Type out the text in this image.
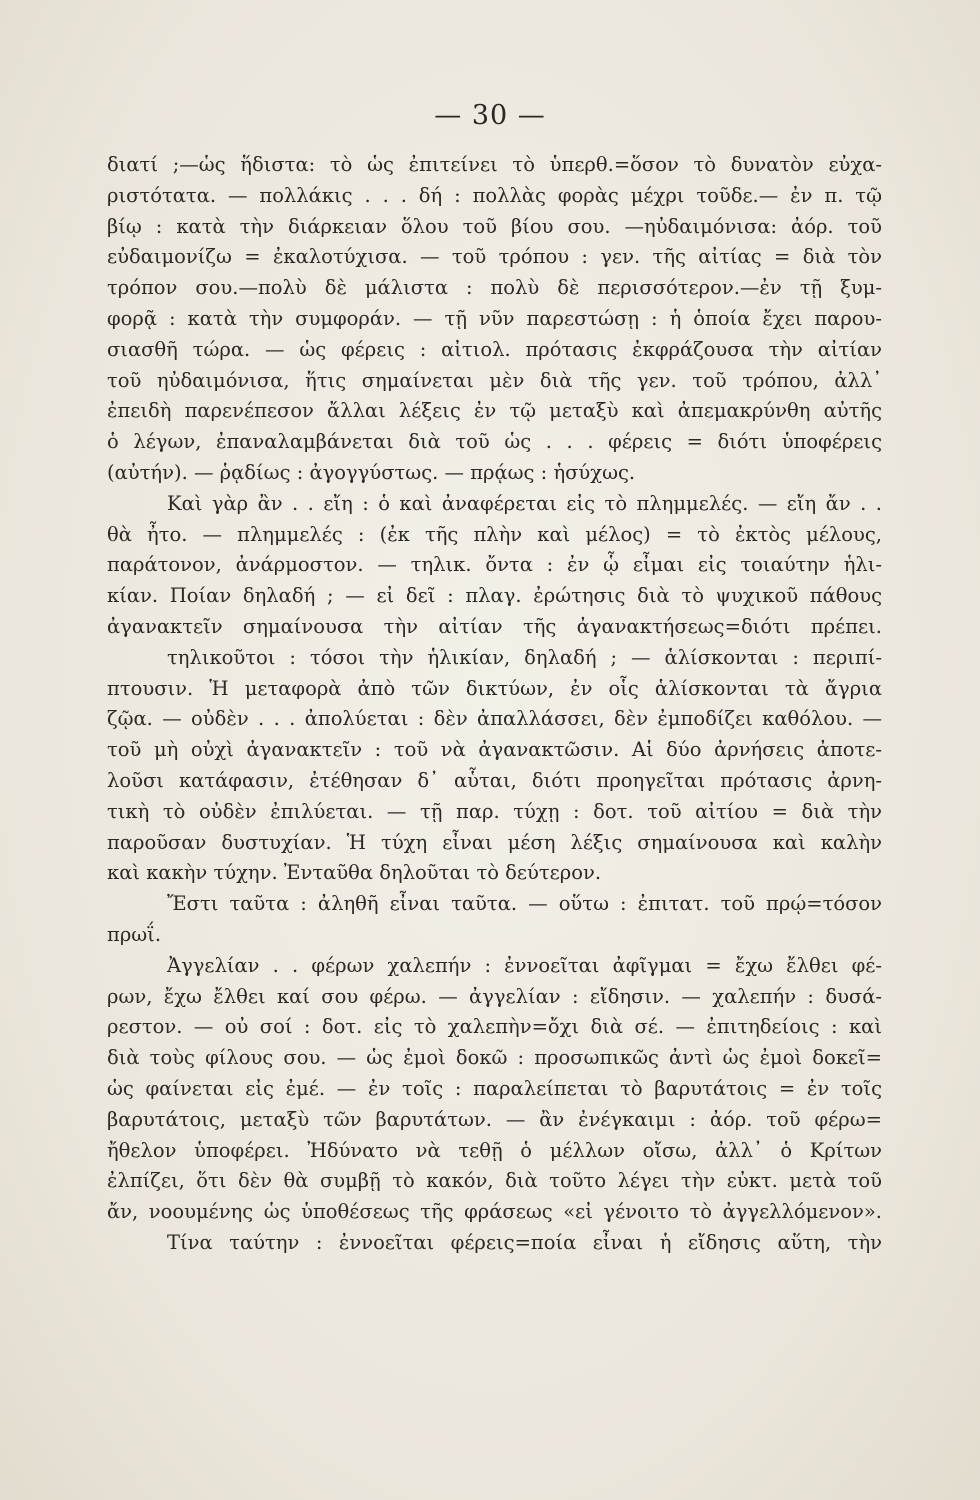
— 30 —
διατί ;—ὡς ἥδιστα: τὸ ὡς ἐπιτείνει τὸ ὑπερθ.=ὅσον τὸ δυνατὸν εὐχα-
ριστότατα. — πολλάκις . . . δή : πολλὰς φορὰς μέχρι τοῦδε.— ἐν π. τῷ
βίῳ : κατὰ τὴν διάρκειαν ὅλου τοῦ βίου σου. —ηὐδαιμόνισα: ἀόρ. τοῦ
εὐδαιμονίζω = ἐκαλοτύχισα. — τοῦ τρόπου : γεν. τῆς αἰτίας = διὰ τὸν
τρόπον σου.—πολὺ δὲ μάλιστα : πολὺ δὲ περισσότερον.—ἐν τῇ ξυμ-
φορᾷ : κατὰ τὴν συμφοράν. — τῇ νῦν παρεστώσῃ : ἡ ὁποία ἔχει παρου-
σιασθῆ τώρα. — ὡς φέρεις : αἰτιολ. πρότασις ἐκφράζουσα τὴν αἰτίαν
τοῦ ηὐδαιμόνισα, ἥτις σημαίνεται μὲν διὰ τῆς γεν. τοῦ τρόπου, ἀλλ᾽
ἐπειδὴ παρενέπεσον ἄλλαι λέξεις ἐν τῷ μεταξὺ καὶ ἀπεμακρύνθη αὐτῆς
ὁ λέγων, ἐπαναλαμβάνεται διὰ τοῦ ὡς . . . φέρεις = διότι ὑποφέρεις
(αὐτήν). — ῥᾳδίως : ἀγογγύστως. — πρᾴως : ἡσύχως.
Καὶ γὰρ ἂν . . εἴη : ὁ καὶ ἀναφέρεται εἰς τὸ πλημμελές. — εἴη ἄν . .
θὰ ἦτο. — πλημμελές : (ἐκ τῆς πλὴν καὶ μέλος) = τὸ ἐκτὸς μέλους,
παράτονον, ἀνάρμοστον. — τηλικ. ὄντα : ἐν ᾧ εἶμαι εἰς τοιαύτην ἡλι-
κίαν. Ποίαν δηλαδή ; — εἰ δεῖ : πλαγ. ἐρώτησις διὰ τὸ ψυχικοῦ πάθους
ἀγανακτεῖν σημαίνουσα τὴν αἰτίαν τῆς ἀγανακτήσεως=διότι πρέπει.
τηλικοῦτοι : τόσοι τὴν ἡλικίαν, δηλαδή ; — ἁλίσκονται : περιπί-
πτουσιν. Ἡ μεταφορὰ ἀπὸ τῶν δικτύων, ἐν οἷς ἁλίσκονται τὰ ἄγρια
ζῷα. — οὐδὲν . . . ἀπολύεται : δὲν ἀπαλλάσσει, δὲν ἐμποδίζει καθόλου. —
τοῦ μὴ οὐχὶ ἀγανακτεῖν : τοῦ νὰ ἀγανακτῶσιν. Αἱ δύο ἀρνήσεις ἀποτε-
λοῦσι κατάφασιν, ἐτέθησαν δ᾽ αὗται, διότι προηγεῖται πρότασις ἀρνη-
τικὴ τὸ οὐδὲν ἐπιλύεται. — τῇ παρ. τύχῃ : δοτ. τοῦ αἰτίου = διὰ τὴν
παροῦσαν δυστυχίαν. Ἡ τύχη εἶναι μέση λέξις σημαίνουσα καὶ καλὴν
καὶ κακὴν τύχην. Ἐνταῦθα δηλοῦται τὸ δεύτερον.
Ἔστι ταῦτα : ἀληθῆ εἶναι ταῦτα. — οὕτω : ἐπιτατ. τοῦ πρῴ=τόσον
πρωΐ.
Ἀγγελίαν . . φέρων χαλεπήν : ἐννοεῖται ἀφῖγμαι = ἔχω ἔλθει φέ-
ρων, ἔχω ἔλθει καί σου φέρω. — ἀγγελίαν : εἴδησιν. — χαλεπήν : δυσά-
ρεστον. — οὐ σοί : δοτ. εἰς τὸ χαλεπὴν=ὄχι διὰ σέ. — ἐπιτηδείοις : καὶ
διὰ τοὺς φίλους σου. — ὡς ἐμοὶ δοκῶ : προσωπικῶς ἀντὶ ὡς ἐμοὶ δοκεῖ=
ὡς φαίνεται εἰς ἐμέ. — ἐν τοῖς : παραλείπεται τὸ βαρυτάτοις = ἐν τοῖς
βαρυτάτοις, μεταξὺ τῶν βαρυτάτων. — ἂν ἐνέγκαιμι : ἀόρ. τοῦ φέρω=
ἤθελον ὑποφέρει. Ἠδύνατο νὰ τεθῇ ὁ μέλλων οἴσω, ἀλλ᾽ ὁ Κρίτων
ἐλπίζει, ὅτι δὲν θὰ συμβῇ τὸ κακόν, διὰ τοῦτο λέγει τὴν εὐκτ. μετὰ τοῦ
ἄν, νοουμένης ὡς ὑποθέσεως τῆς φράσεως «εἰ γένοιτο τὸ ἀγγελλόμενον».
Τίνα ταύτην : ἐννοεῖται φέρεις=ποία εἶναι ἡ εἴδησις αὕτη, τὴν
